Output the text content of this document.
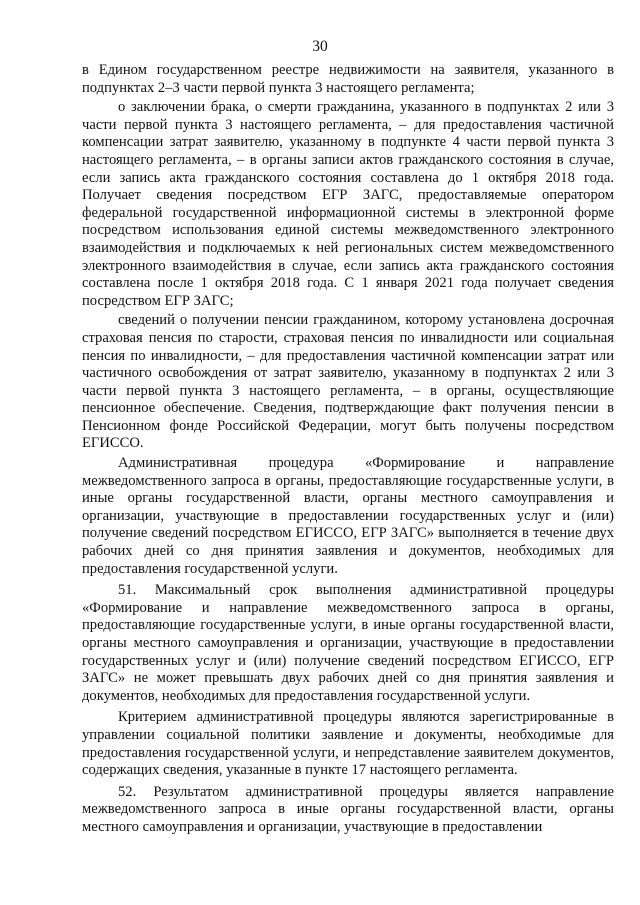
30

в Едином государственном реестре недвижимости на заявителя, указанного в подпунктах 2–3 части первой пункта 3 настоящего регламента;

о заключении брака, о смерти гражданина, указанного в подпунктах 2 или 3 части первой пункта 3 настоящего регламента, – для предоставления частичной компенсации затрат заявителю, указанному в подпункте 4 части первой пункта 3 настоящего регламента, – в органы записи актов гражданского состояния в случае, если запись акта гражданского состояния составлена до 1 октября 2018 года. Получает сведения посредством ЕГР ЗАГС, предоставляемые оператором федеральной государственной информационной системы в электронной форме посредством использования единой системы межведомственного электронного взаимодействия и подключаемых к ней региональных систем межведомственного электронного взаимодействия в случае, если запись акта гражданского состояния составлена после 1 октября 2018 года. С 1 января 2021 года получает сведения посредством ЕГР ЗАГС;

сведений о получении пенсии гражданином, которому установлена досрочная страховая пенсия по старости, страховая пенсия по инвалидности или социальная пенсия по инвалидности, – для предоставления частичной компенсации затрат или частичного освобождения от затрат заявителю, указанному в подпунктах 2 или 3 части первой пункта 3 настоящего регламента, – в органы, осуществляющие пенсионное обеспечение. Сведения, подтверждающие факт получения пенсии в Пенсионном фонде Российской Федерации, могут быть получены посредством ЕГИССО.

Административная процедура «Формирование и направление межведомственного запроса в органы, предоставляющие государственные услуги, в иные органы государственной власти, органы местного самоуправления и организации, участвующие в предоставлении государственных услуг и (или) получение сведений посредством ЕГИССО, ЕГР ЗАГС» выполняется в течение двух рабочих дней со дня принятия заявления и документов, необходимых для предоставления государственной услуги.

51. Максимальный срок выполнения административной процедуры «Формирование и направление межведомственного запроса в органы, предоставляющие государственные услуги, в иные органы государственной власти, органы местного самоуправления и организации, участвующие в предоставлении государственных услуг и (или) получение сведений посредством ЕГИССО, ЕГР ЗАГС» не может превышать двух рабочих дней со дня принятия заявления и документов, необходимых для предоставления государственной услуги.

Критерием административной процедуры являются зарегистрированные в управлении социальной политики заявление и документы, необходимые для предоставления государственной услуги, и непредставление заявителем документов, содержащих сведения, указанные в пункте 17 настоящего регламента.

52. Результатом административной процедуры является направление межведомственного запроса в иные органы государственной власти, органы местного самоуправления и организации, участвующие в предоставлении
